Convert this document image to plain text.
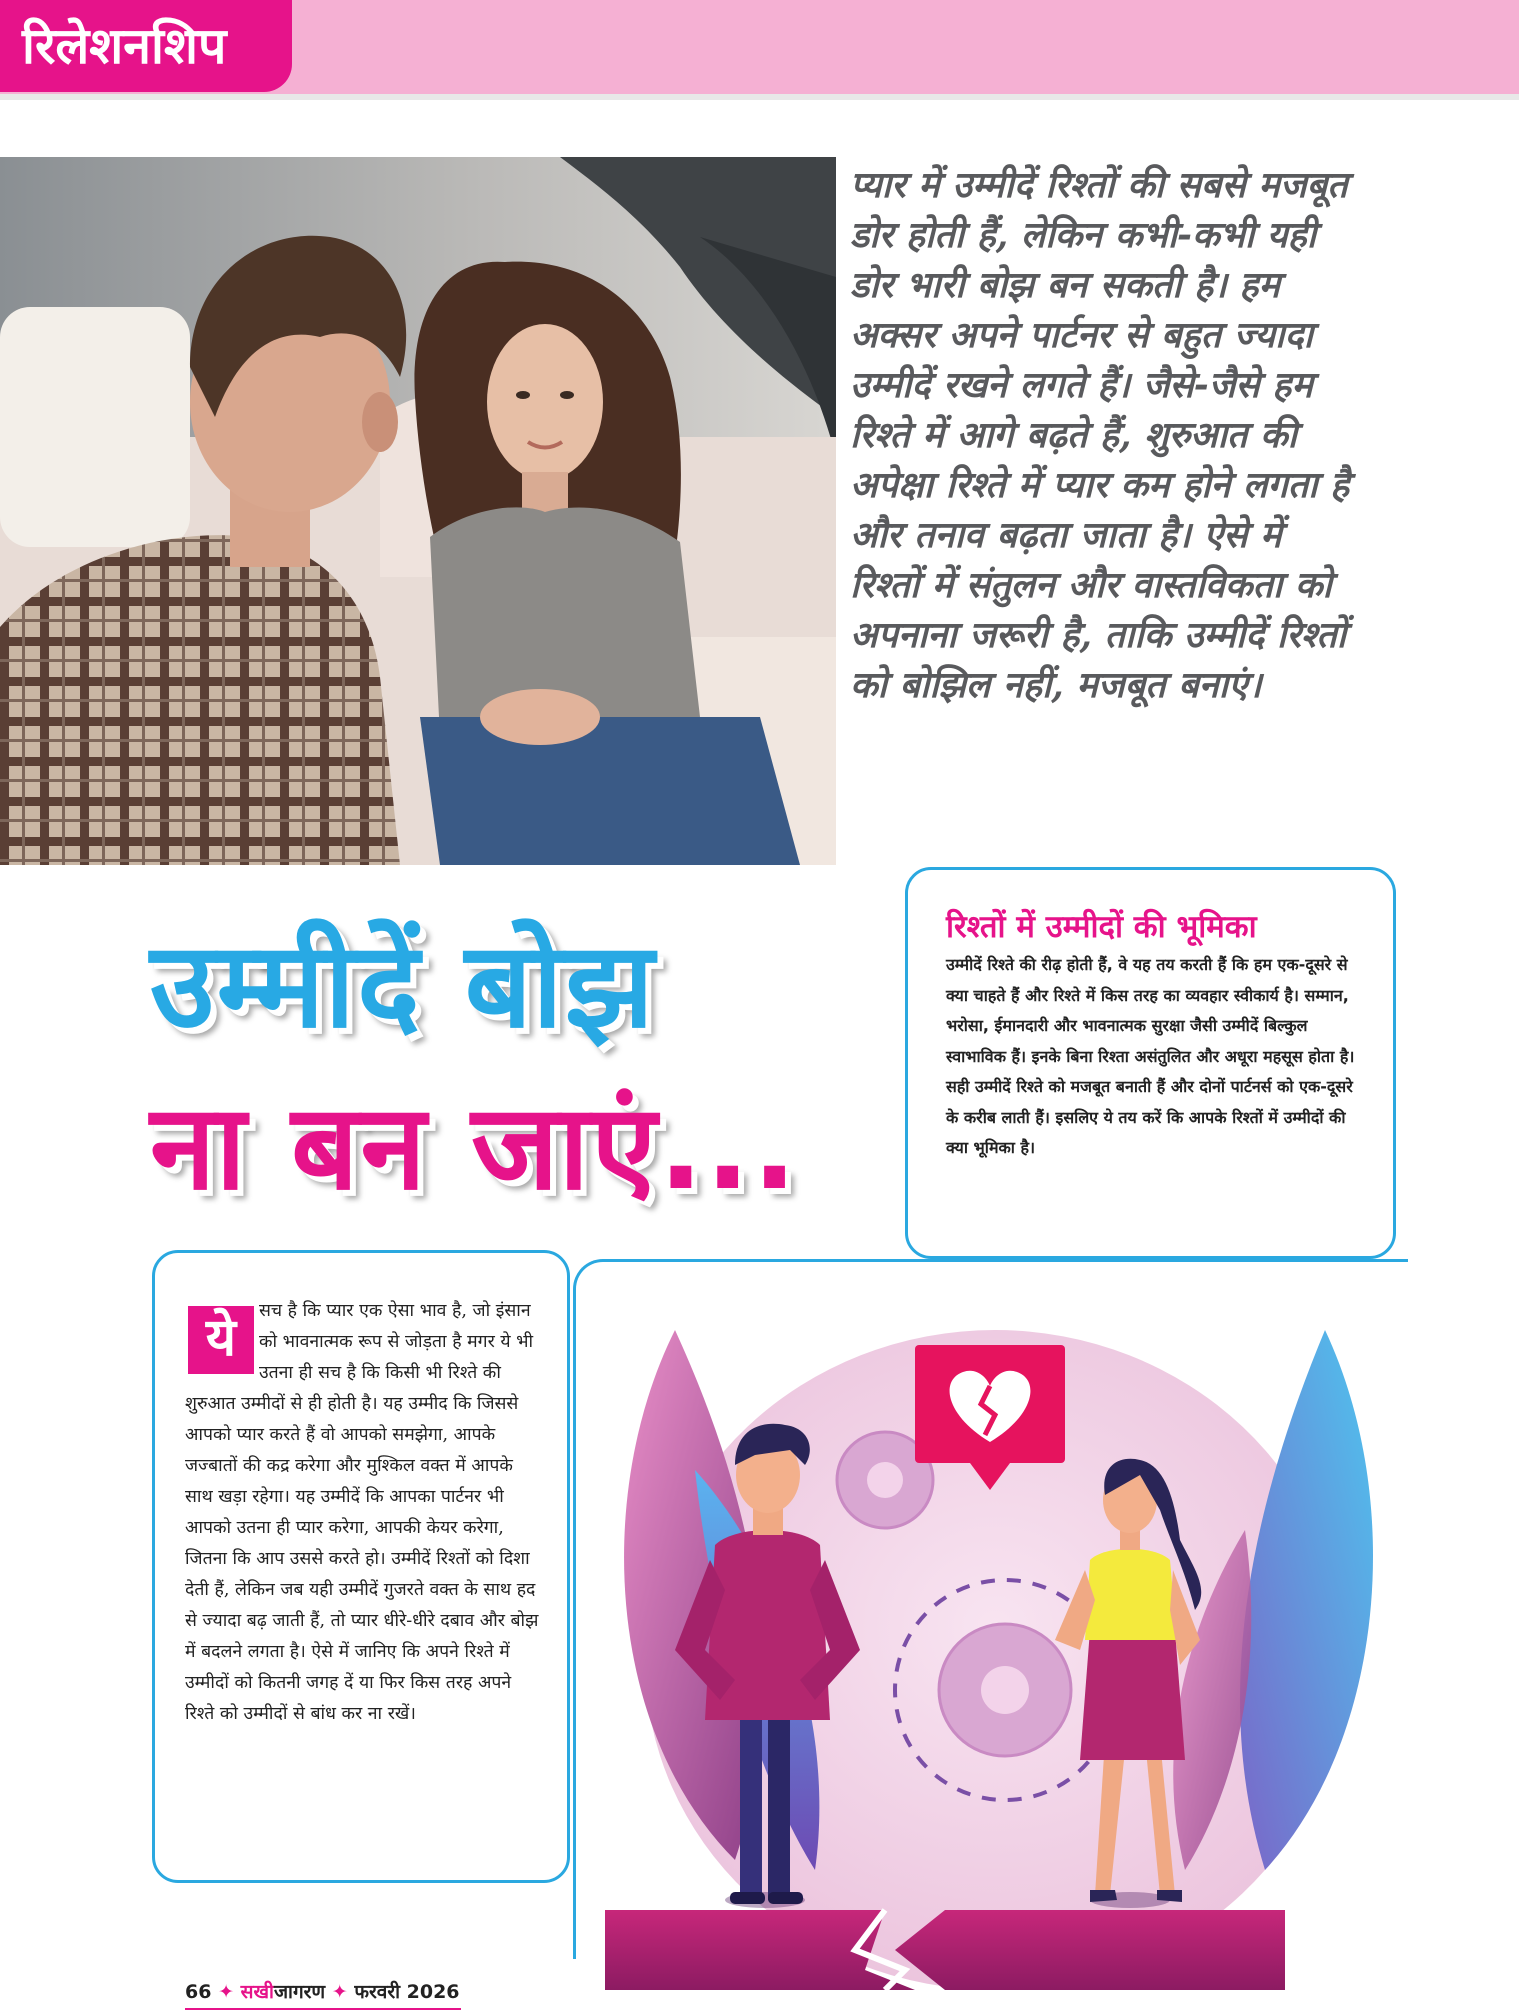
रिलेशनशिप
प्यार में उम्मीदें रिश्तों की सबसे मजबूत डोर होती हैं, लेकिन कभी-कभी यही डोर भारी बोझ बन सकती है। हम अक्सर अपने पार्टनर से बहुत ज्यादा उम्मीदें रखने लगते हैं। जैसे-जैसे हम रिश्ते में आगे बढ़ते हैं, शुरुआत की अपेक्षा रिश्ते में प्यार कम होने लगता है और तनाव बढ़ता जाता है। ऐसे में रिश्तों में संतुलन और वास्तविकता को अपनाना जरूरी है, ताकि उम्मीदें रिश्तों को बोझिल नहीं, मजबूत बनाएं।
उम्मीदें बोझ
ना बन जाएं...
रिश्तों में उम्मीदों की भूमिका
उम्मीदें रिश्ते की रीढ़ होती हैं, वे यह तय करती हैं कि हम एक-दूसरे से क्या चाहते हैं और रिश्ते में किस तरह का व्यवहार स्वीकार्य है। सम्मान, भरोसा, ईमानदारी और भावनात्मक सुरक्षा जैसी उम्मीदें बिल्कुल स्वाभाविक हैं। इनके बिना रिश्ता असंतुलित और अधूरा महसूस होता है। सही उम्मीदें रिश्ते को मजबूत बनाती हैं और दोनों पार्टनर्स को एक-दूसरे के करीब लाती हैं। इसलिए ये तय करें कि आपके रिश्तों में उम्मीदों की क्या भूमिका है।
सच है कि प्यार एक ऐसा भाव है, जो इंसान को भावनात्मक रूप से जोड़ता है मगर ये भी उतना ही सच है कि किसी भी रिश्ते की शुरुआत उम्मीदों से ही होती है। यह उम्मीद कि जिससे आपको प्यार करते हैं वो आपको समझेगा, आपके जज्बातों की कद्र करेगा और मुश्किल वक्त में आपके साथ खड़ा रहेगा। यह उम्मीदें कि आपका पार्टनर भी आपको उतना ही प्यार करेगा, आपकी केयर करेगा, जितना कि आप उससे करते हो। उम्मीदें रिश्तों को दिशा देती हैं, लेकिन जब यही उम्मीदें गुजरते वक्त के साथ हद से ज्यादा बढ़ जाती हैं, तो प्यार धीरे-धीरे दबाव और बोझ में बदलने लगता है। ऐसे में जानिए कि अपने रिश्ते में उम्मीदों को कितनी जगह दें या फिर किस तरह अपने रिश्ते को उम्मीदों से बांध कर ना रखें।
ये
66 ✦ सखीजागरण ✦ फरवरी 2026
